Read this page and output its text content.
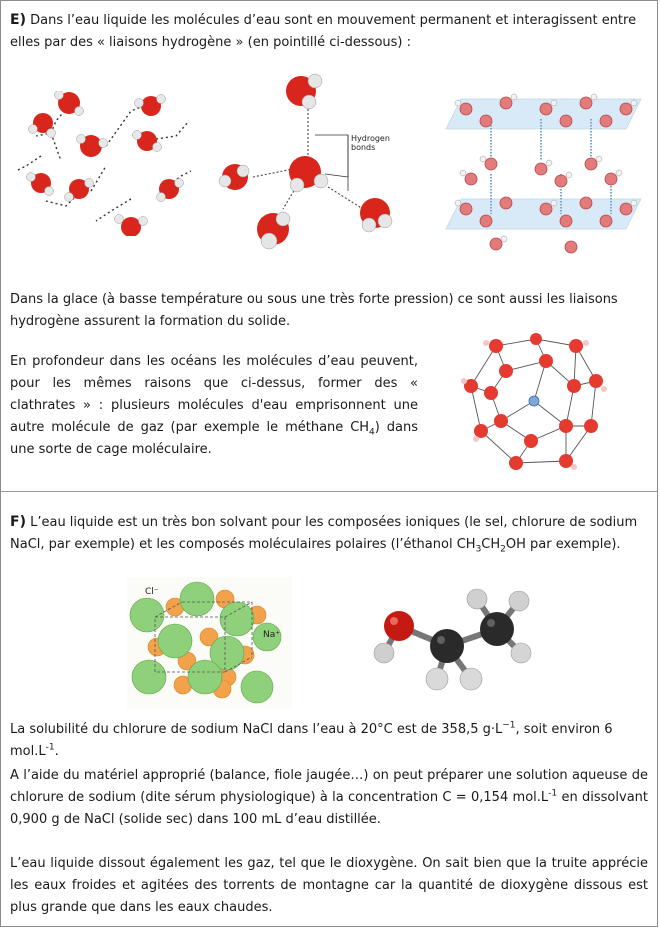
E) Dans l’eau liquide les molécules d’eau sont en mouvement permanent et interagissent entre elles par des « liaisons hydrogène » (en pointillé ci-dessous) :

Hydrogen
bonds

Dans la glace (à basse température ou sous une très forte pression) ce sont aussi les liaisons hydrogène assurent la formation du solide.

En profondeur dans les océans les molécules d’eau peuvent, pour les mêmes raisons que ci-dessus, former des « clathrates » : plusieurs molécules d'eau emprisonnent une autre molécule de gaz (par exemple le méthane $CH_4$) dans une sorte de cage moléculaire.

F) L’eau liquide est un très bon solvant pour les composées ioniques (le sel, chlorure de sodium NaCl, par exemple) et les composés moléculaires polaires (l’éthanol $CH_3CH_2OH$ par exemple).

Cl⁻
Na⁺

La solubilité du chlorure de sodium NaCl dans l’eau à 20°C est de 358,5 $g\cdot L^{-1}$, soit environ 6 $mol.L^{-1}$.

A l’aide du matériel approprié (balance, fiole jaugée…) on peut préparer une solution aqueuse de chlorure de sodium (dite sérum physiologique) à la concentration C = 0,154 $mol.L^{-1}$ en dissolvant 0,900 g de NaCl (solide sec) dans 100 mL d’eau distillée.

L’eau liquide dissout également les gaz, tel que le dioxygène. On sait bien que la truite apprécie les eaux froides et agitées des torrents de montagne car la quantité de dioxygène dissous est plus grande que dans les eaux chaudes.
